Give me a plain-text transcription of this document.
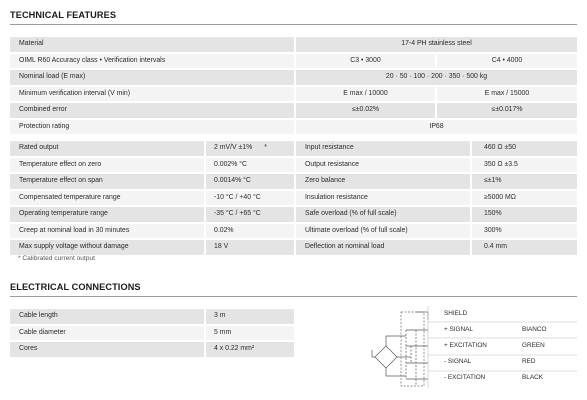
TECHNICAL FEATURES
Material	17-4 PH stainless steel
OIML R60 Accuracy class • Verification intervals	C3 • 3000	C4 • 4000
Nominal load (E max)	20 · 50 · 100 · 200 · 350 · 500 kg
Minimum verification interval (V min)	E max / 10000	E max / 15000
Combined error	≤±0.02%	≤±0.017%
Protection rating	IP68
Rated output	2 mV/V ±1% *	Input resistance	460 Ω ±50
Temperature effect on zero	0.002% °C	Output resistance	350 Ω ±3.5
Temperature effect on span	0.0014% °C	Zero balance	≤±1%
Compensated temperature range	-10 °C / +40 °C	Insulation resistance	≥5000 MΩ
Operating temperature range	-35 °C / +65 °C	Safe overload (% of full scale)	150%
Creep at nominal load in 30 minutes	0.02%	Ultimate overload (% of full scale)	300%
Max supply voltage without damage	18 V	Deflection at nominal load	0.4 mm
* Calibrated current output
ELECTRICAL CONNECTIONS
Cable length	3 m
Cable diameter	5 mm
Cores	4 x 0.22 mm²
SHIELD
+ SIGNAL	BIANCO
+ EXCITATION	GREEN
- SIGNAL	RED
- EXCITATION	BLACK
